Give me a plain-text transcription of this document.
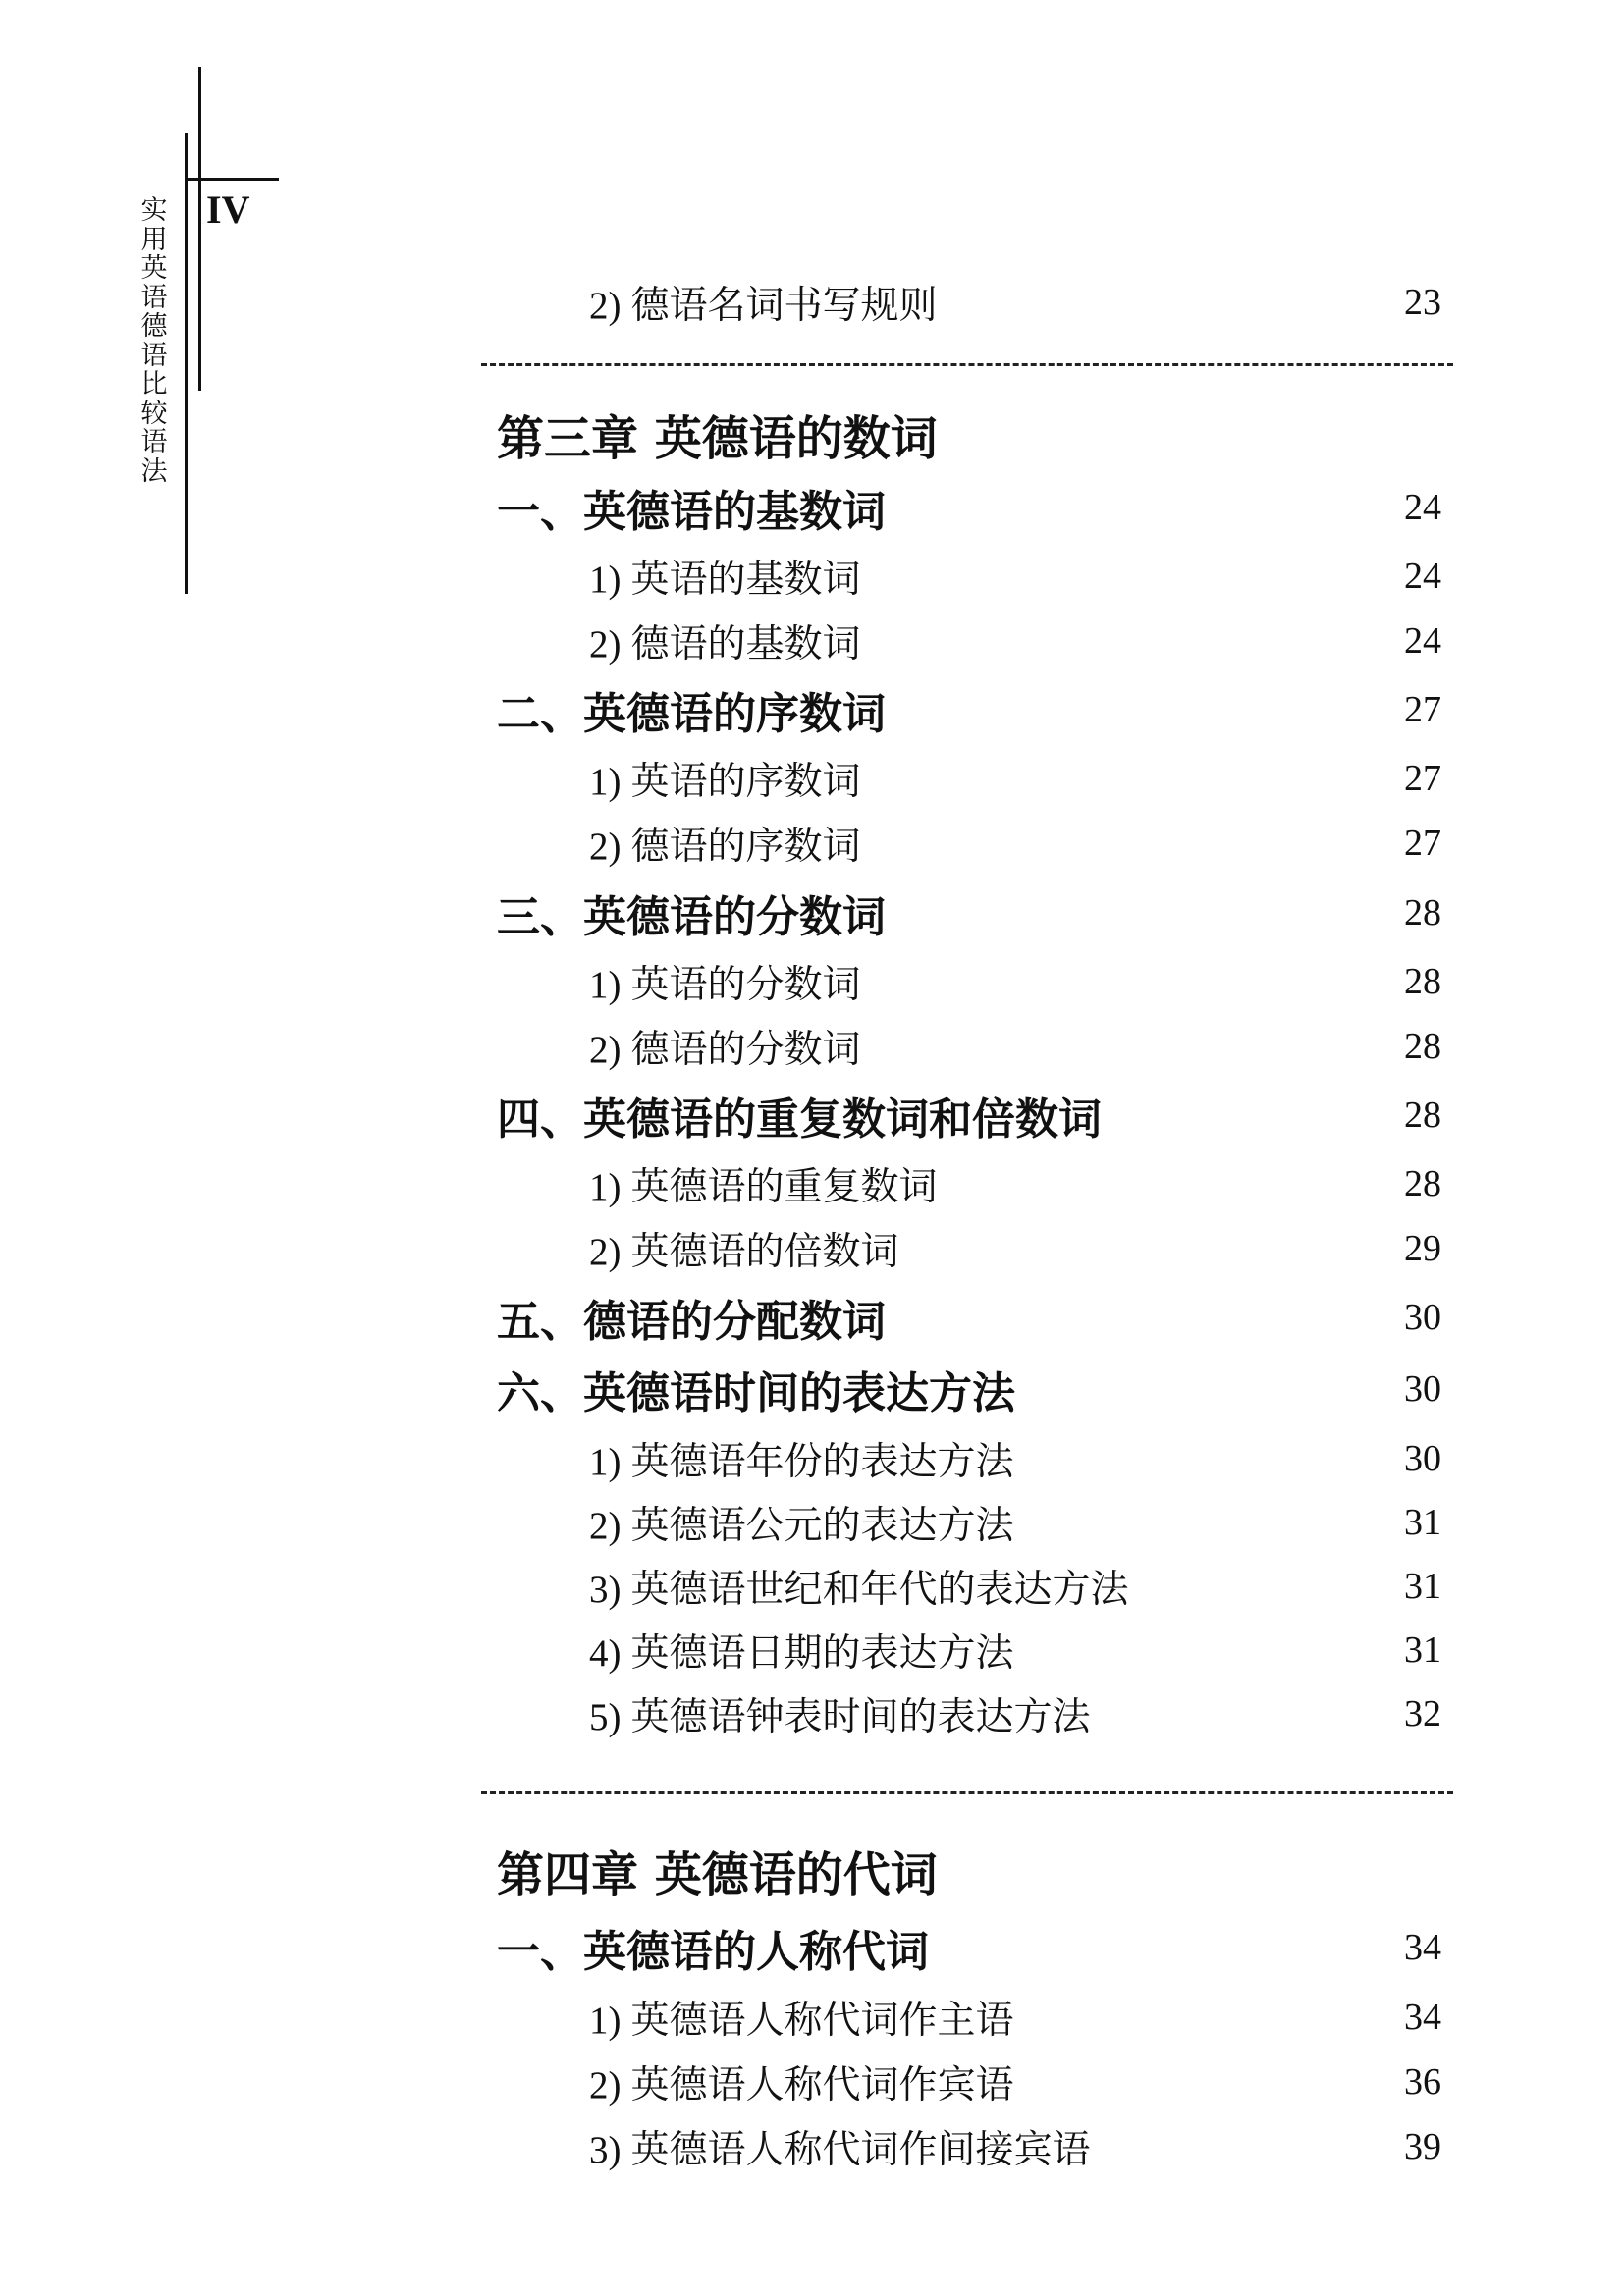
实
用
英
语
德
语
比
较
语
法
IV
2) 德语名词书写规则	23
第三章 英德语的数词
一、英德语的基数词	24
1) 英语的基数词	24
2) 德语的基数词	24
二、英德语的序数词	27
1) 英语的序数词	27
2) 德语的序数词	27
三、英德语的分数词	28
1) 英语的分数词	28
2) 德语的分数词	28
四、英德语的重复数词和倍数词	28
1) 英德语的重复数词	28
2) 英德语的倍数词	29
五、德语的分配数词	30
六、英德语时间的表达方法	30
1) 英德语年份的表达方法	30
2) 英德语公元的表达方法	31
3) 英德语世纪和年代的表达方法	31
4) 英德语日期的表达方法	31
5) 英德语钟表时间的表达方法	32
第四章 英德语的代词
一、英德语的人称代词	34
1) 英德语人称代词作主语	34
2) 英德语人称代词作宾语	36
3) 英德语人称代词作间接宾语	39
